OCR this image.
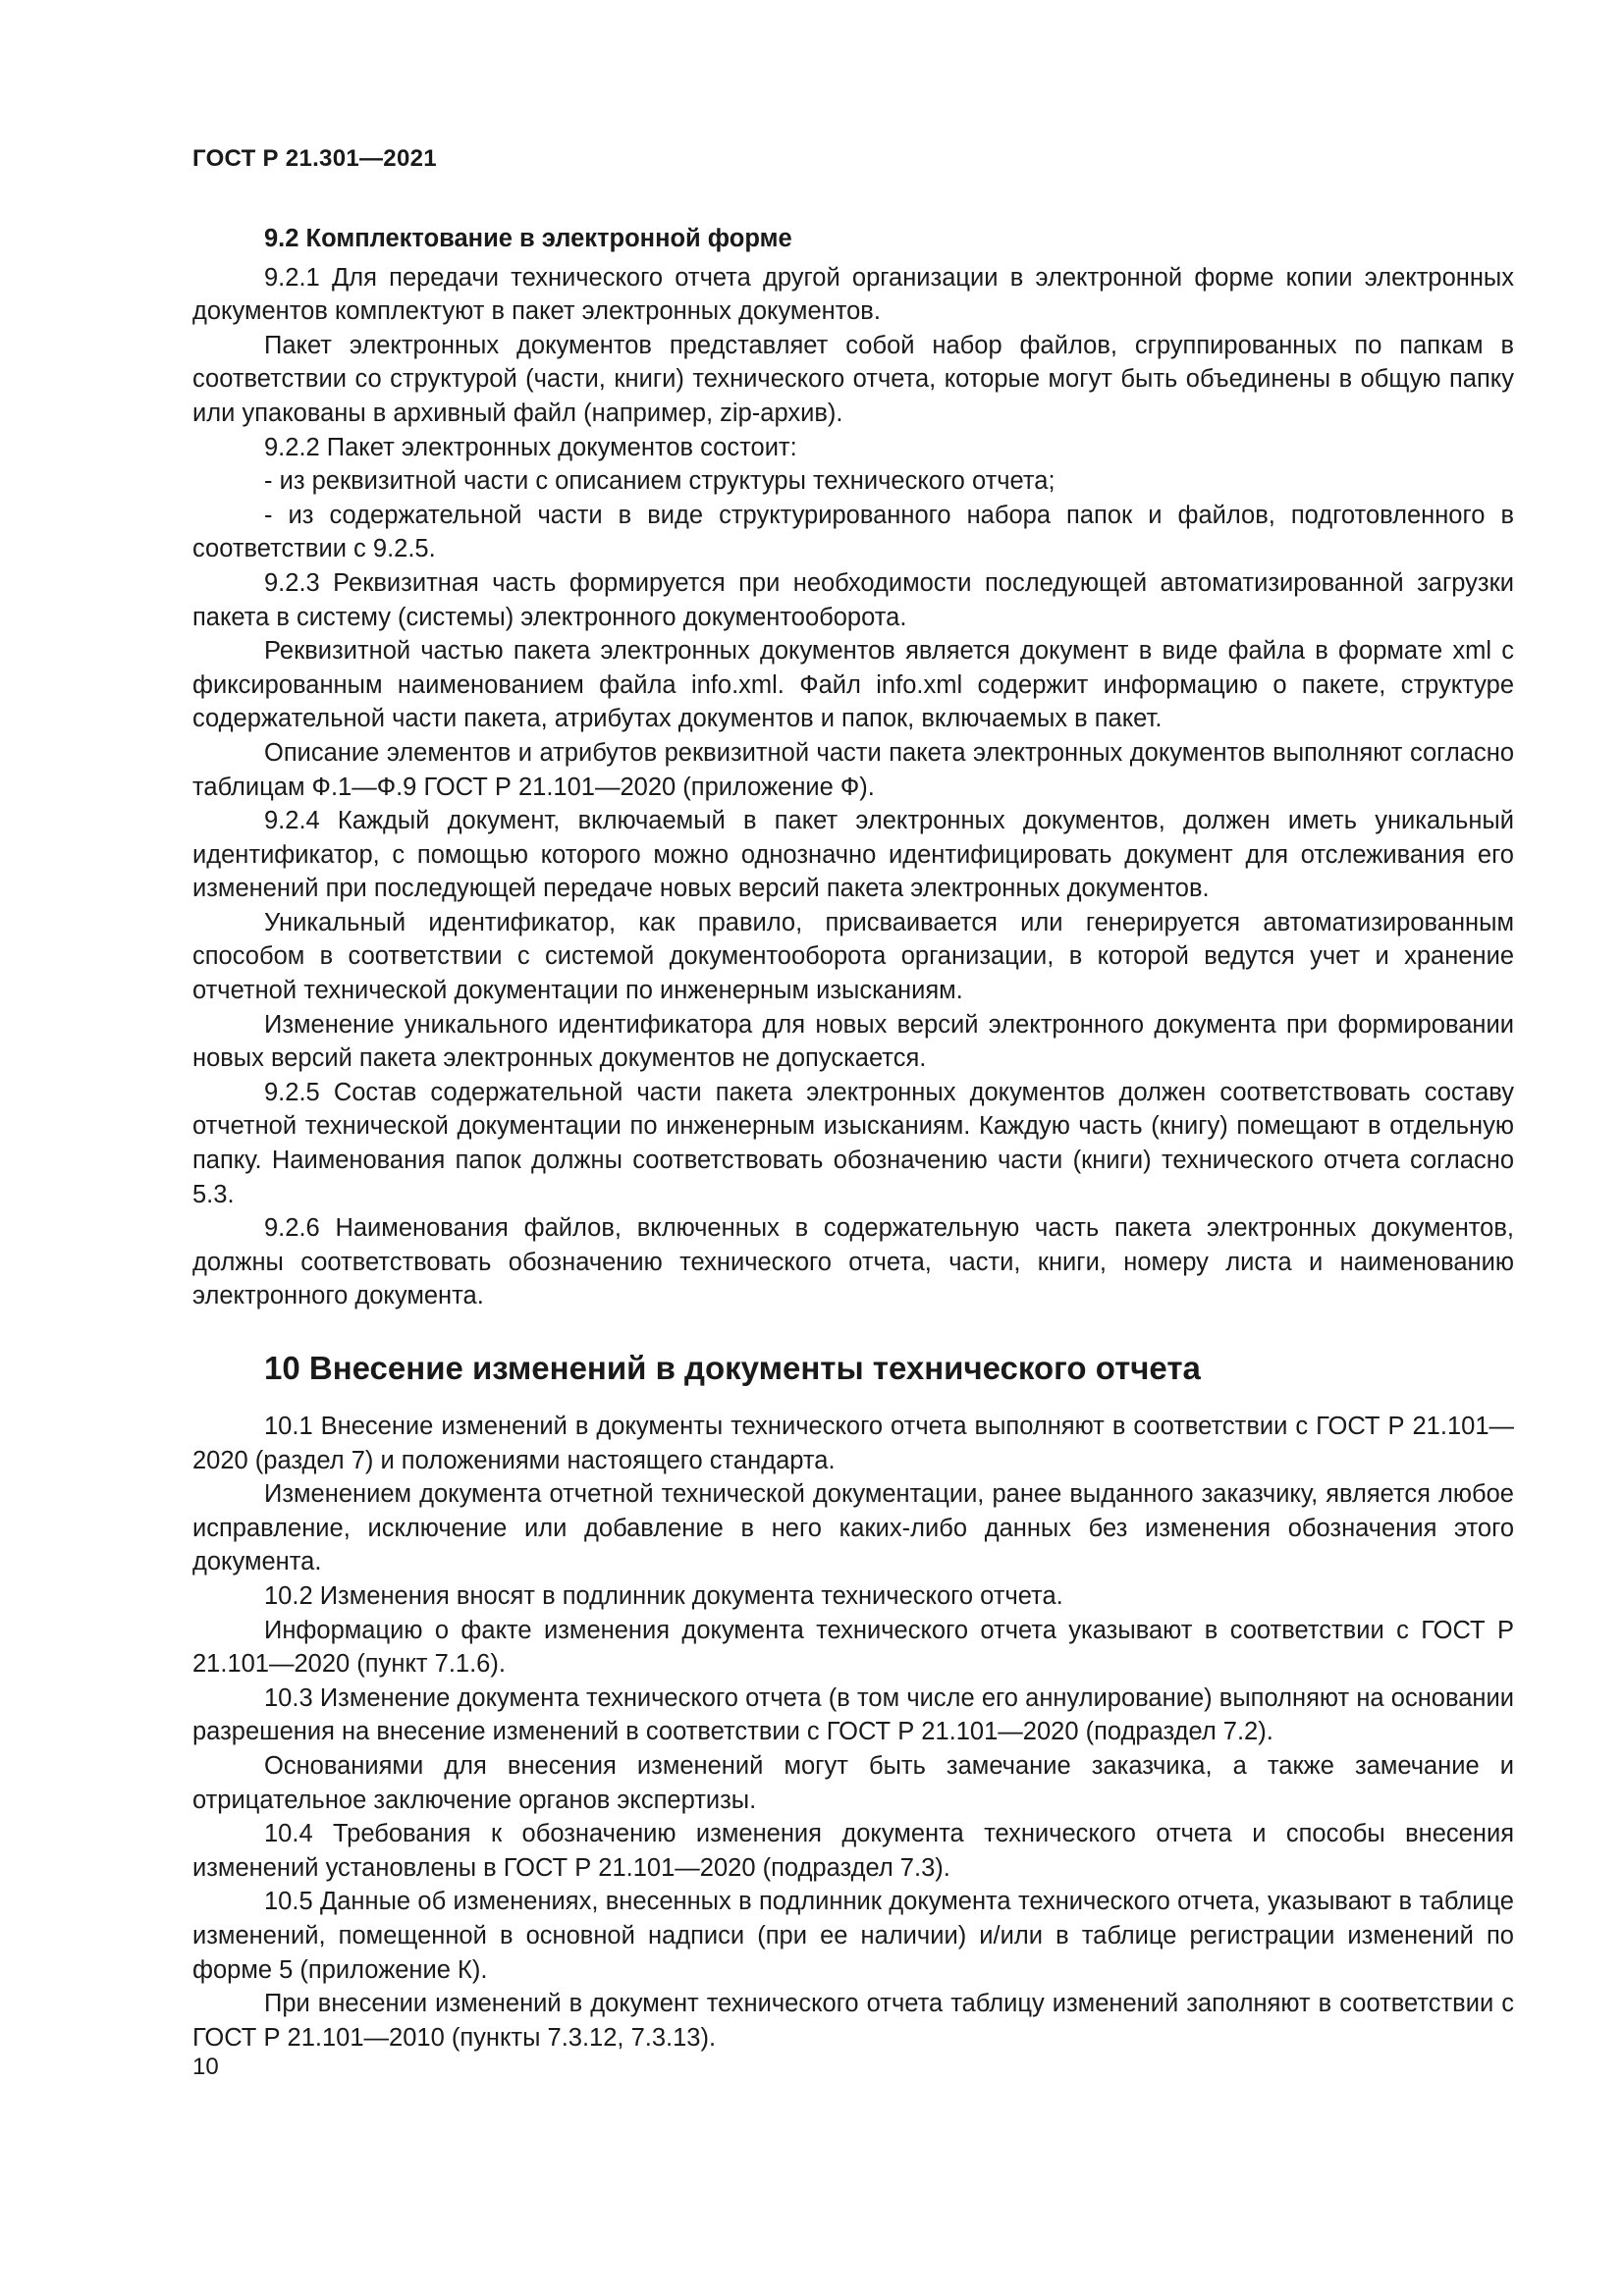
ГОСТ Р 21.301—2021
9.2 Комплектование в электронной форме

9.2.1 Для передачи технического отчета другой организации в электронной форме копии электронных документов комплектуют в пакет электронных документов.

Пакет электронных документов представляет собой набор файлов, сгруппированных по папкам в соответствии со структурой (части, книги) технического отчета, которые могут быть объединены в общую папку или упакованы в архивный файл (например, zip-архив).

9.2.2 Пакет электронных документов состоит:

- из реквизитной части с описанием структуры технического отчета;

- из содержательной части в виде структурированного набора папок и файлов, подготовленного в соответствии с 9.2.5.

9.2.3 Реквизитная часть формируется при необходимости последующей автоматизированной загрузки пакета в систему (системы) электронного документооборота.

Реквизитной частью пакета электронных документов является документ в виде файла в формате xml с фиксированным наименованием файла info.xml. Файл info.xml содержит информацию о пакете, структуре содержательной части пакета, атрибутах документов и папок, включаемых в пакет.

Описание элементов и атрибутов реквизитной части пакета электронных документов выполняют согласно таблицам Ф.1—Ф.9 ГОСТ Р 21.101—2020 (приложение Ф).

9.2.4 Каждый документ, включаемый в пакет электронных документов, должен иметь уникальный идентификатор, с помощью которого можно однозначно идентифицировать документ для отслеживания его изменений при последующей передаче новых версий пакета электронных документов.

Уникальный идентификатор, как правило, присваивается или генерируется автоматизированным способом в соответствии с системой документооборота организации, в которой ведутся учет и хранение отчетной технической документации по инженерным изысканиям.

Изменение уникального идентификатора для новых версий электронного документа при формировании новых версий пакета электронных документов не допускается.

9.2.5 Состав содержательной части пакета электронных документов должен соответствовать составу отчетной технической документации по инженерным изысканиям. Каждую часть (книгу) помещают в отдельную папку. Наименования папок должны соответствовать обозначению части (книги) технического отчета согласно 5.3.

9.2.6 Наименования файлов, включенных в содержательную часть пакета электронных документов, должны соответствовать обозначению технического отчета, части, книги, номеру листа и наименованию электронного документа.

10 Внесение изменений в документы технического отчета

10.1 Внесение изменений в документы технического отчета выполняют в соответствии с ГОСТ Р 21.101—2020 (раздел 7) и положениями настоящего стандарта.

Изменением документа отчетной технической документации, ранее выданного заказчику, является любое исправление, исключение или добавление в него каких-либо данных без изменения обозначения этого документа.

10.2 Изменения вносят в подлинник документа технического отчета.

Информацию о факте изменения документа технического отчета указывают в соответствии с ГОСТ Р 21.101—2020 (пункт 7.1.6).

10.3 Изменение документа технического отчета (в том числе его аннулирование) выполняют на основании разрешения на внесение изменений в соответствии с ГОСТ Р 21.101—2020 (подраздел 7.2).

Основаниями для внесения изменений могут быть замечание заказчика, а также замечание и отрицательное заключение органов экспертизы.

10.4 Требования к обозначению изменения документа технического отчета и способы внесения изменений установлены в ГОСТ Р 21.101—2020 (подраздел 7.3).

10.5 Данные об изменениях, внесенных в подлинник документа технического отчета, указывают в таблице изменений, помещенной в основной надписи (при ее наличии) и/или в таблице регистрации изменений по форме 5 (приложение К).

При внесении изменений в документ технического отчета таблицу изменений заполняют в соответствии с ГОСТ Р 21.101—2010 (пункты 7.3.12, 7.3.13).

10
